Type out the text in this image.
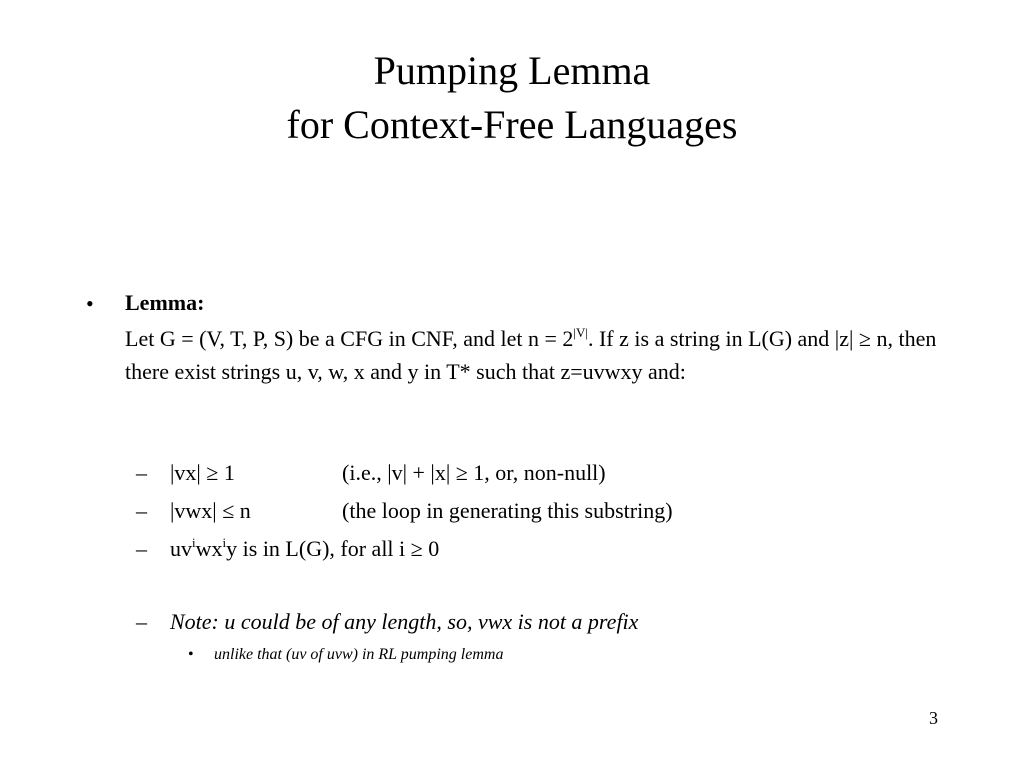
Pumping Lemma
for Context-Free Languages
• Lemma:
Let G = (V, T, P, S) be a CFG in CNF, and let $n = 2^{|V|}$. If z is a string in L(G) and |z| ≥ n, then there exist strings u, v, w, x and y in T* such that z=uvwxy and:
– |vx| ≥ 1	(i.e., |v| + |x| ≥ 1, or, non-null)
– |vwx| ≤ n	(the loop in generating this substring)
– $uv^iwx^iy$ is in L(G), for all i ≥ 0
– Note: u could be of any length, so, vwx is not a prefix
• unlike that (uv of uvw) in RL pumping lemma
3
